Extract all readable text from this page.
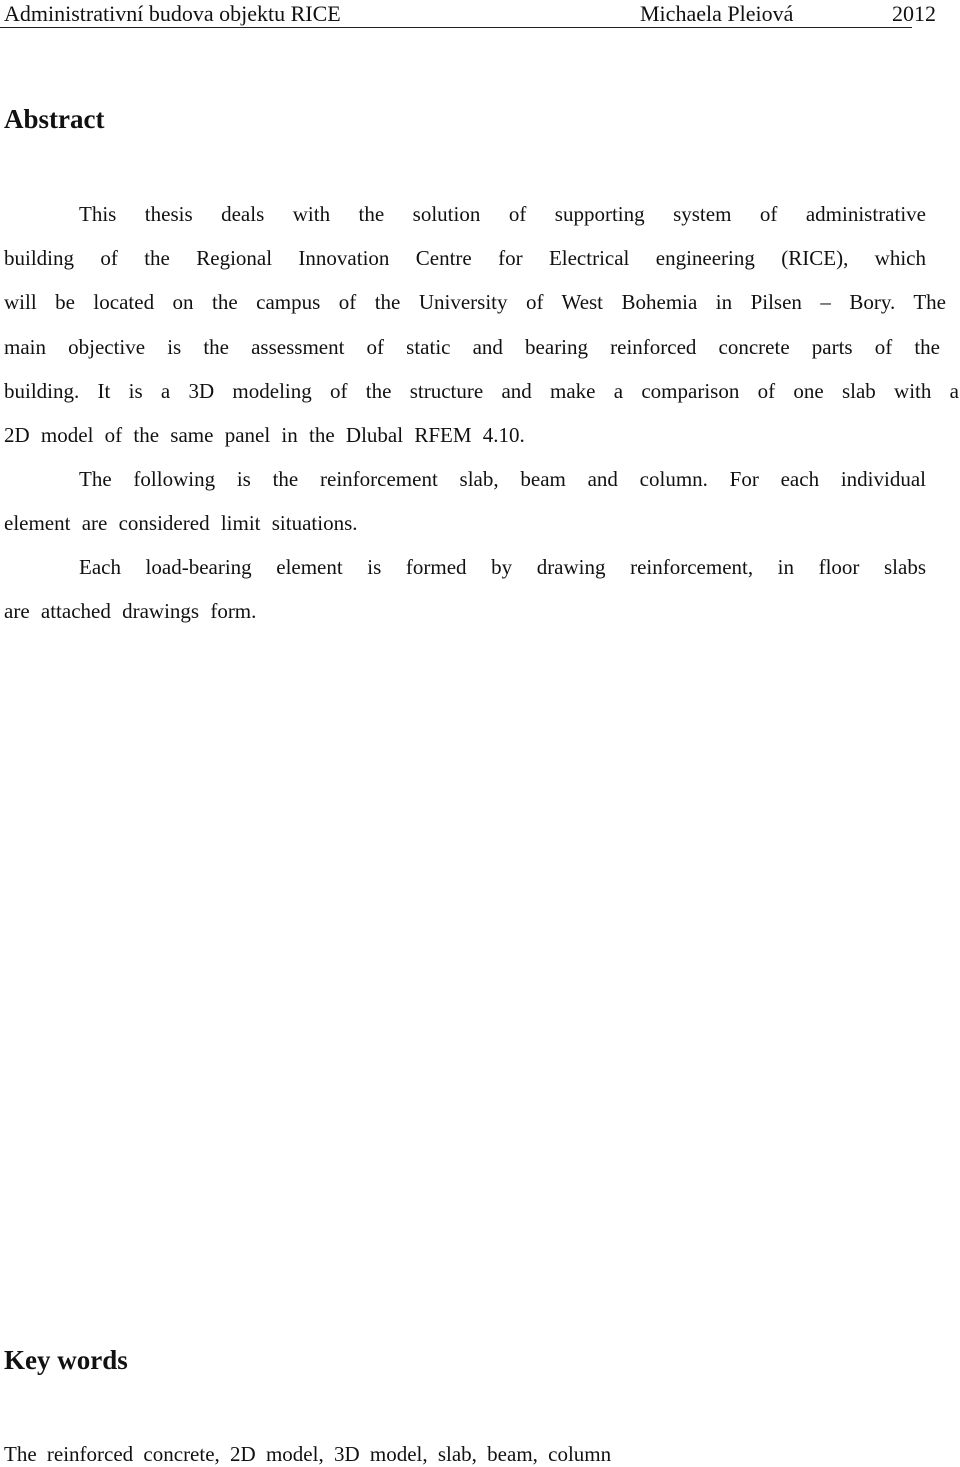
Administrativní budova objektu RICE	Michaela Pleiová	2012
Abstract
This thesis deals with the solution of supporting system of administrative
building of the Regional Innovation Centre for Electrical engineering (RICE), which
will be located on the campus of the University of West Bohemia in Pilsen – Bory. The
main objective is the assessment of static and bearing reinforced concrete parts of the
building. It is a 3D modeling of the structure and make a comparison of one slab with a
2D model of the same panel in the Dlubal RFEM 4.10.
The following is the reinforcement slab, beam and column. For each individual
element are considered limit situations.
Each load-bearing element is formed by drawing reinforcement, in floor slabs
are attached drawings form.
Key words
The reinforced concrete, 2D model, 3D model, slab, beam, column
